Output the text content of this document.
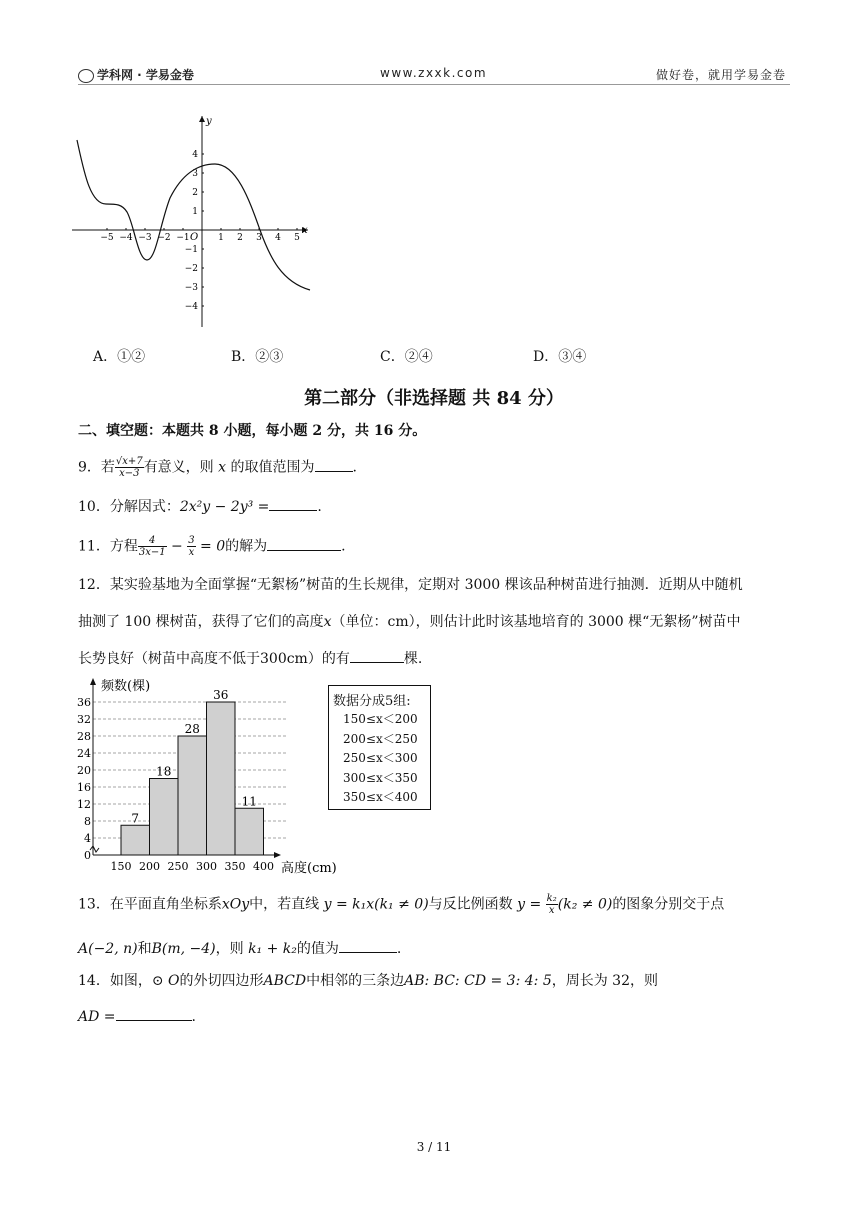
学科网 · 学易金卷	www.zxxk.com	做好卷，就用学易金卷
x
y
O
−5 −4 −3 −2 −1	1 2 3 4 5
4
3
2
1
−1
−2
−3
−4
A．①②	B．②③	C．②④	D．③④
第二部分（非选择题 共 84 分）
二、填空题：本题共 8 小题，每小题 2 分，共 16 分。
9．若 $\frac{√x+7}{x-3}$ 有意义，则 x 的取值范围为	.
10．分解因式：2x²y − 2y³ =	.
11．方程 $\frac{4}{3x-1} - \frac{3}{x} = 0$的解为	.
12．某实验基地为全面掌握“无絮杨”树苗的生长规律，定期对 3000 棵该品种树苗进行抽测．近期从中随机
抽测了 100 棵树苗，获得了它们的高度𝑥（单位：cm），则估计此时该基地培育的 3000 棵“无絮杨”树苗中
长势良好（树苗中高度不低于300cm）的有	棵.
7
18
28
36
11
0
4
8
12
16
20
24
28
32
36
150 200 250 300 350 400
频数(棵)
高度(cm)
数据分成5组:
150≤x＜200
200≤x＜250
250≤x＜300
300≤x＜350
350≤x＜400
13．在平面直角坐标系xOy中，若直线 y = k₁x(k₁ ≠ 0)与反比例函数 $y = \frac{\text{k₂}}{x} (k_2 \ne 0)$的图象分别交于点
A(−2, n)和B(m, −4)，则 k₁ + k₂的值为	.
14．如图，⊙ O的外切四边形ABCD中相邻的三条边AB: BC: CD = 3: 4: 5，周长为 32，则
AD =	.
3 / 11
